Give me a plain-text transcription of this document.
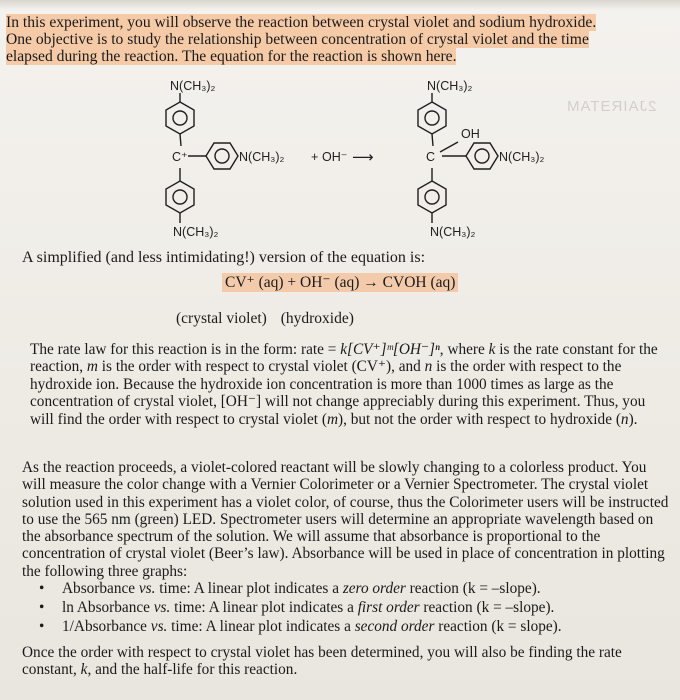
In this experiment, you will observe the reaction between crystal violet and sodium hydroxide.
One objective is to study the relationship between concentration of crystal violet and the time
elapsed during the reaction. The equation for the reaction is shown here.
2JAIRƎTAM
N(CH₃)₂
C⁺	N(CH₃)₂ + OH⁻ ⟶
N(CH₃)₂
N(CH₃)₂
OH
C	N(CH₃)₂
N(CH₃)₂
A simplified (and less intimidating!) version of the equation is:
CV⁺ (aq) + OH⁻ (aq) → CVOH (aq)
(crystal violet) (hydroxide)
The rate law for this reaction is in the form: rate = k[CV⁺]ᵐ[OH⁻]ⁿ, where k is the rate constant for the reaction, m is the order with respect to crystal violet (CV⁺), and n is the order with respect to the hydroxide ion. Because the hydroxide ion concentration is more than 1000 times as large as the concentration of crystal violet, [OH⁻] will not change appreciably during this experiment. Thus, you will find the order with respect to crystal violet (m), but not the order with respect to hydroxide (n).
As the reaction proceeds, a violet-colored reactant will be slowly changing to a colorless product. You will measure the color change with a Vernier Colorimeter or a Vernier Spectrometer. The crystal violet solution used in this experiment has a violet color, of course, thus the Colorimeter users will be instructed to use the 565 nm (green) LED. Spectrometer users will determine an appropriate wavelength based on the absorbance spectrum of the solution. We will assume that absorbance is proportional to the concentration of crystal violet (Beer’s law). Absorbance will be used in place of concentration in plotting the following three graphs:
• Absorbance vs. time: A linear plot indicates a zero order reaction (k = –slope).
• ln Absorbance vs. time: A linear plot indicates a first order reaction (k = –slope).
• 1/Absorbance vs. time: A linear plot indicates a second order reaction (k = slope).
Once the order with respect to crystal violet has been determined, you will also be finding the rate constant, k, and the half-life for this reaction.
